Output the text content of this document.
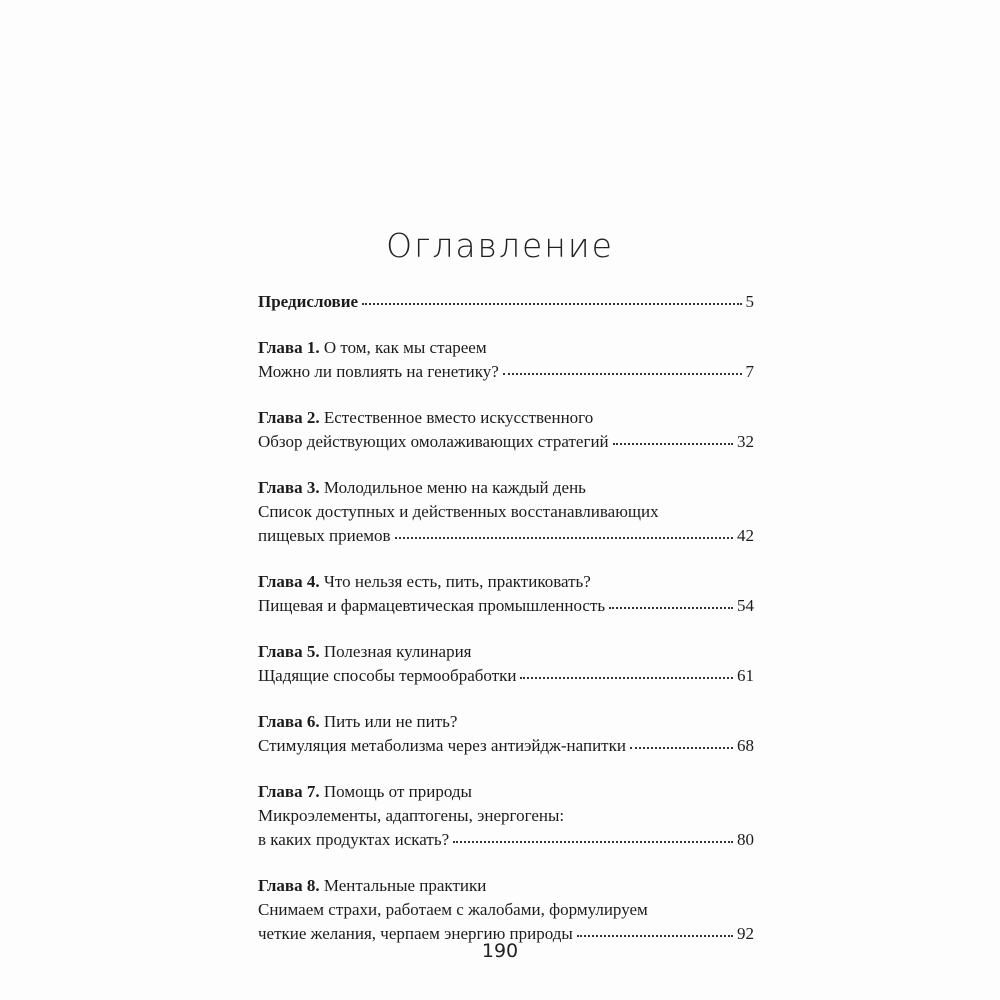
Оглавление
Предисловие	5
Глава 1.
О том, как мы стареем
Можно ли повлиять на генетику?	7
Глава 2.
Естественное вместо искусственного
Обзор действующих омолаживающих стратегий	32
Глава 3.
Молодильное меню на каждый день
Список доступных и действенных восстанавливающих
пищевых приемов	42
Глава 4.
Что нельзя есть, пить, практиковать?
Пищевая и фармацевтическая промышленность	54
Глава 5.
Полезная кулинария
Щадящие способы термообработки	61
Глава 6.
Пить или не пить?
Стимуляция метаболизма через антиэйдж-напитки	68
Глава 7.
Помощь от природы
Микроэлементы, адаптогены, энергогены:
в каких продуктах искать?	80
Глава 8.
Ментальные практики
Снимаем страхи, работаем с жалобами, формулируем
четкие желания, черпаем энергию природы	92
190
